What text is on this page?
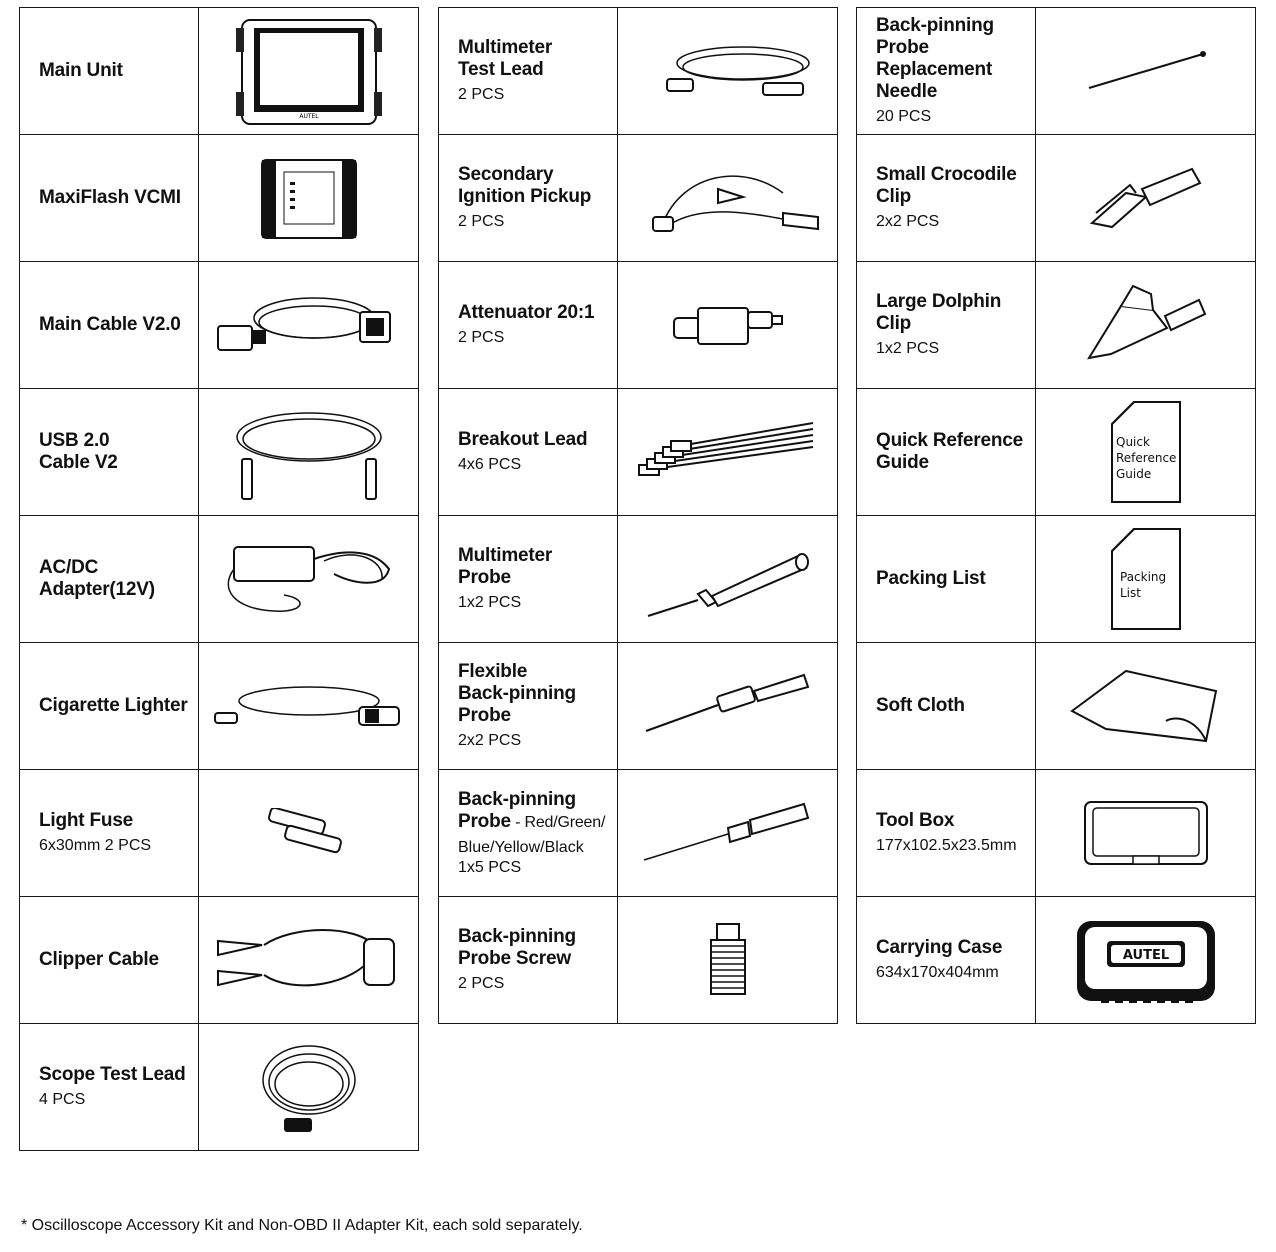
Main Unit
AUTEL
MaxiFlash VCMI
Main Cable V2.0
USB 2.0
Cable V2
AC/DC
Adapter(12V)
Cigarette Lighter
Light Fuse
6x30mm 2 PCS
Clipper Cable
Scope Test Lead
4 PCS
Multimeter
Test Lead
2 PCS
Secondary
Ignition Pickup
2 PCS
Attenuator 20:1
2 PCS
Breakout Lead
4x6 PCS
Multimeter
Probe
1x2 PCS
Flexible
Back-pinning
Probe
2x2 PCS
Back-pinning
Probe - Red/Green/
Blue/Yellow/Black
1x5 PCS
Back-pinning
Probe Screw
2 PCS
Back-pinning
Probe
Replacement
Needle
20 PCS
Small Crocodile
Clip
2x2 PCS
Large Dolphin
Clip
1x2 PCS
Quick Reference
Guide
Quick Reference Guide
Packing List	Packing List
Soft Cloth
Tool Box
177x102.5x23.5mm
Carrying Case
634x170x404mm
AUTEL
* Oscilloscope Accessory Kit and Non-OBD II Adapter Kit, each sold separately.
